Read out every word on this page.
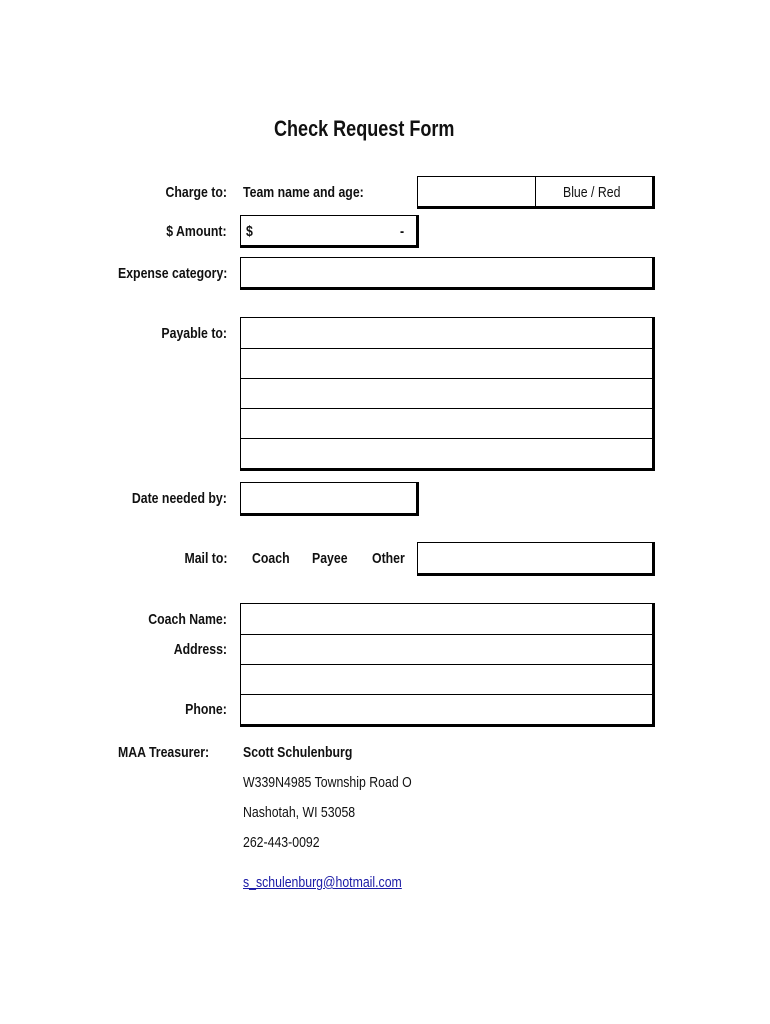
Check Request Form
Charge to: Team name and age:	Blue / Red
$ Amount: $	-
Expense category:
Payable to:
Date needed by:
Mail to: Coach Payee Other
Coach Name:
Address:
Phone:
MAA Treasurer: Scott Schulenburg
W339N4985 Township Road O
Nashotah, WI 53058
262-443-0092
s_schulenburg@hotmail.com
